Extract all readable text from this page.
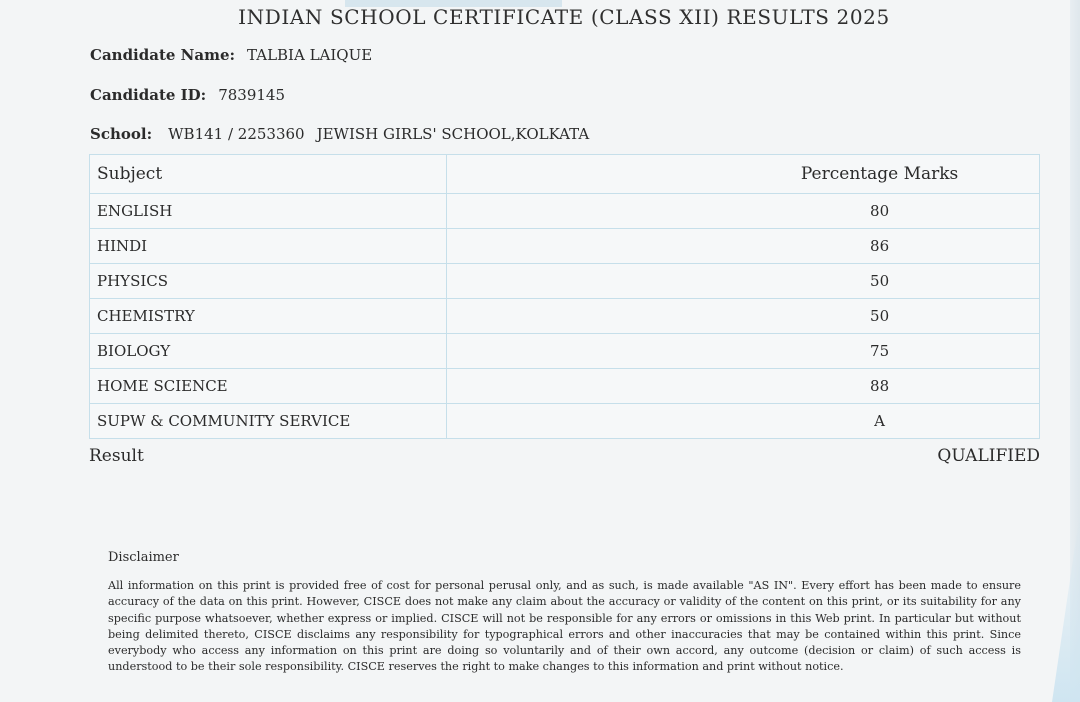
INDIAN SCHOOL CERTIFICATE (CLASS XII) RESULTS 2025
Candidate Name: TALBIA LAIQUE
Candidate ID: 7839145
School: WB141 / 2253360 JEWISH GIRLS' SCHOOL,KOLKATA
Subject	Percentage Marks
ENGLISH	80
HINDI	86
PHYSICS	50
CHEMISTRY	50
BIOLOGY	75
HOME SCIENCE	88
SUPW & COMMUNITY SERVICE	A
Result	QUALIFIED
Disclaimer
All information on this print is provided free of cost for personal perusal only, and as such, is made available "AS IN". Every effort has been made to ensure accuracy of the data on this print. However, CISCE does not make any claim about the accuracy or validity of the content on this print, or its suitability for any specific purpose whatsoever, whether express or implied. CISCE will not be responsible for any errors or omissions in this Web print. In particular but without being delimited thereto, CISCE disclaims any responsibility for typographical errors and other inaccuracies that may be contained within this print. Since everybody who access any information on this print are doing so voluntarily and of their own accord, any outcome (decision or claim) of such access is understood to be their sole responsibility. CISCE reserves the right to make changes to this information and print without notice.
